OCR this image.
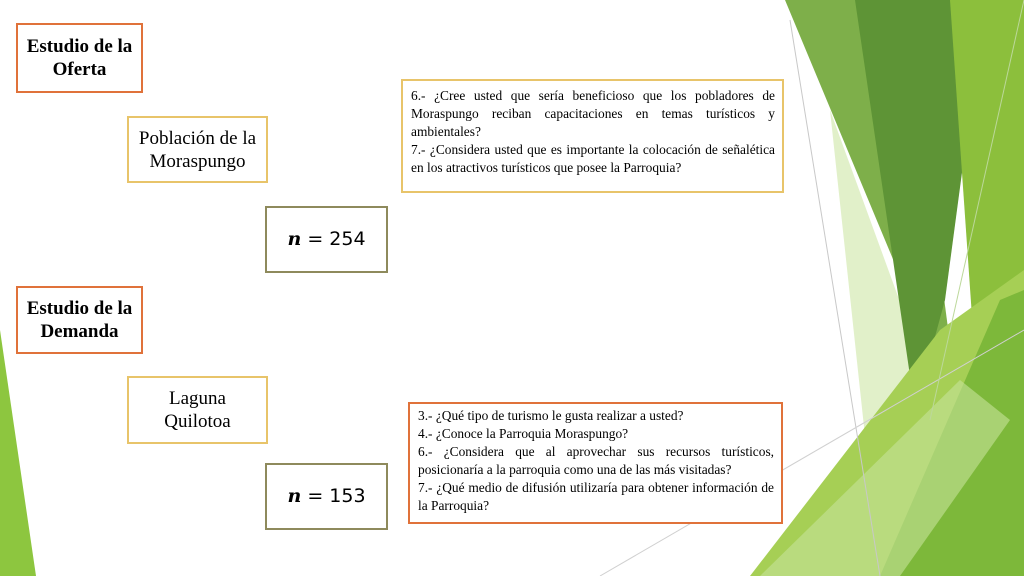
Estudio de la
Oferta
Población de la
Moraspungo
𝒏 = 254

6.- ¿Cree usted que sería beneficioso que los pobladores de Moraspungo reciban capacitaciones en temas turísticos y ambientales?

7.- ¿Considera usted que es importante la colocación de señalética en los atractivos turísticos que posee la Parroquia?

Estudio de la
Demanda
Laguna
Quilotoa
𝒏 = 153

3.- ¿Qué tipo de turismo le gusta realizar a usted?

4.- ¿Conoce la Parroquia Moraspungo?

6.- ¿Considera que al aprovechar sus recursos turísticos, posicionaría a la parroquia como una de las más visitadas?

7.- ¿Qué medio de difusión utilizaría para obtener información de la Parroquia?
